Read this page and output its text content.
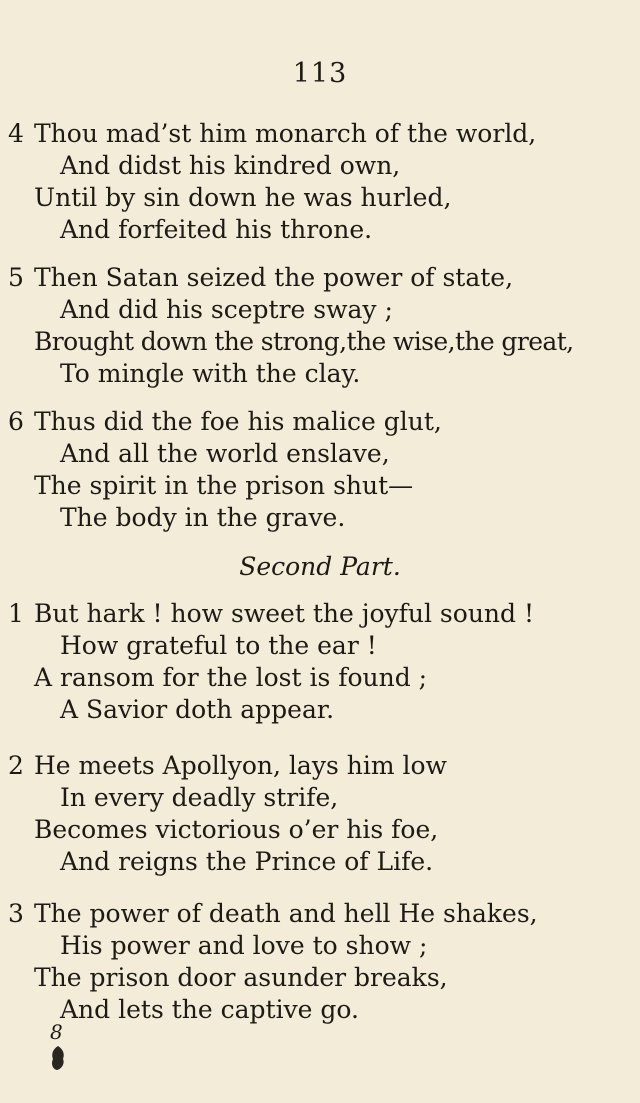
113
4 Thou mad’st him monarch of the world,
And didst his kindred own,
Until by sin down he was hurled,
And forfeited his throne.
5 Then Satan seized the power of state,
And did his sceptre sway ;
Brought down the strong,the wise,the great,
To mingle with the clay.
6 Thus did the foe his malice glut,
And all the world enslave,
The spirit in the prison shut—
The body in the grave.
Second Part.
1 But hark ! how sweet the joyful sound !
How grateful to the ear !
A ransom for the lost is found ;
A Savior doth appear.
2 He meets Apollyon, lays him low
In every deadly strife,
Becomes victorious o’er his foe,
And reigns the Prince of Life.
3 The power of death and hell He shakes,
His power and love to show ;
The prison door asunder breaks,
And lets the captive go.
8
